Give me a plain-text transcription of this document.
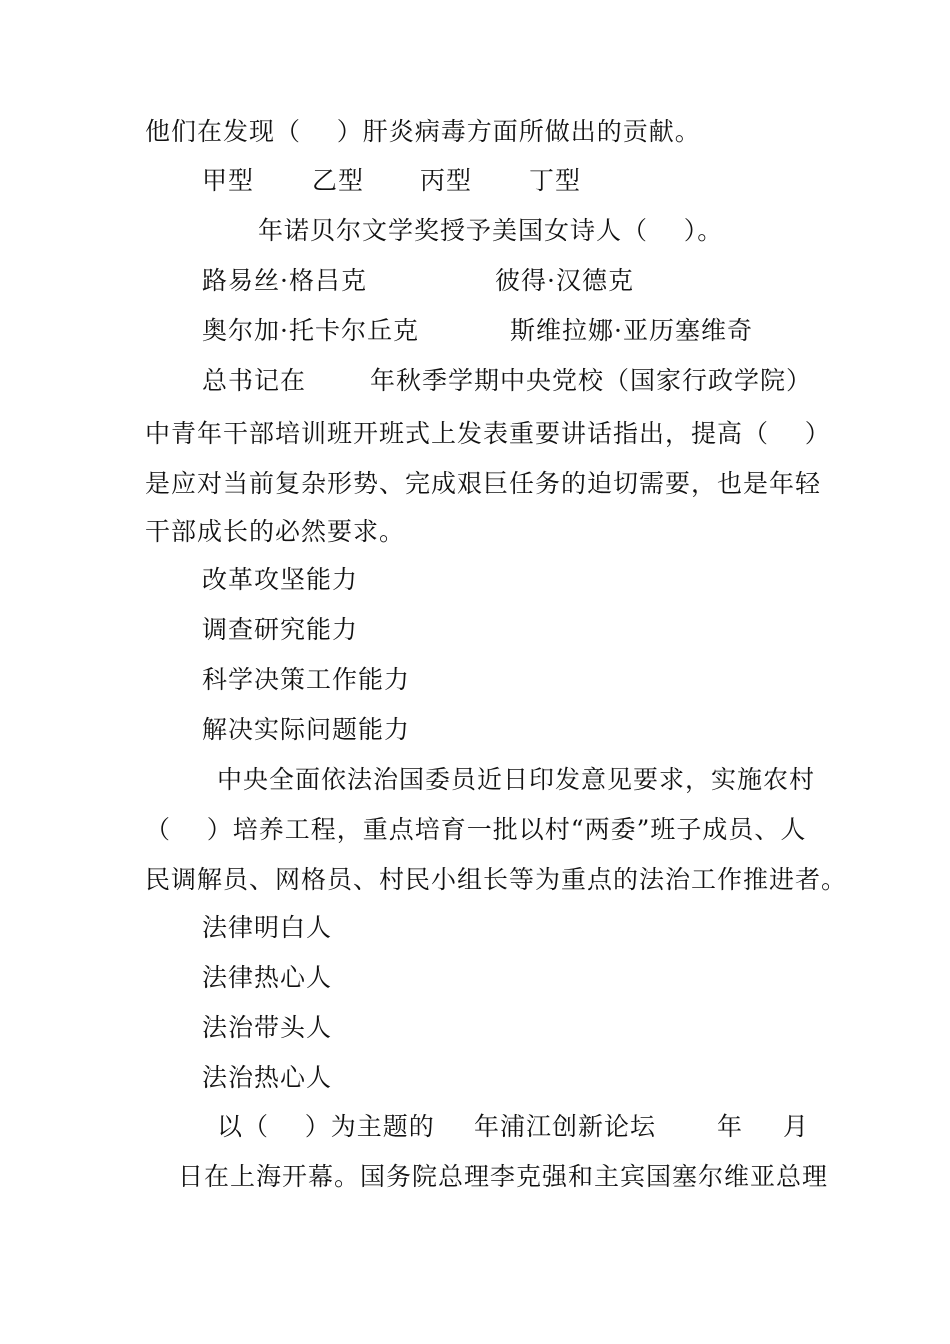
他们在发现（    ）肝炎病毒方面所做出的贡献。
甲型 乙型 丙型 丁型
年诺贝尔文学奖授予美国女诗人（    ）。
路易丝·格吕克	彼得·汉德克
奥尔加·托卡尔丘克	斯维拉娜·亚历塞维奇
总书记在	年秋季学期中央党校（国家行政学院）
中青年干部培训班开班式上发表重要讲话指出，提高（    ）
是应对当前复杂形势、完成艰巨任务的迫切需要，也是年轻
干部成长的必然要求。
改革攻坚能力
调查研究能力
科学决策工作能力
解决实际问题能力
中央全面依法治国委员近日印发意见要求，实施农村
（    ）培养工程，重点培育一批以村“两委”班子成员、人
民调解员、网格员、村民小组长等为重点的法治工作推进者。
法律明白人
法律热心人
法治带头人
法治热心人
以（    ）为主题的 年浦江创新论坛 年 月
日在上海开幕。国务院总理李克强和主宾国塞尔维亚总理
